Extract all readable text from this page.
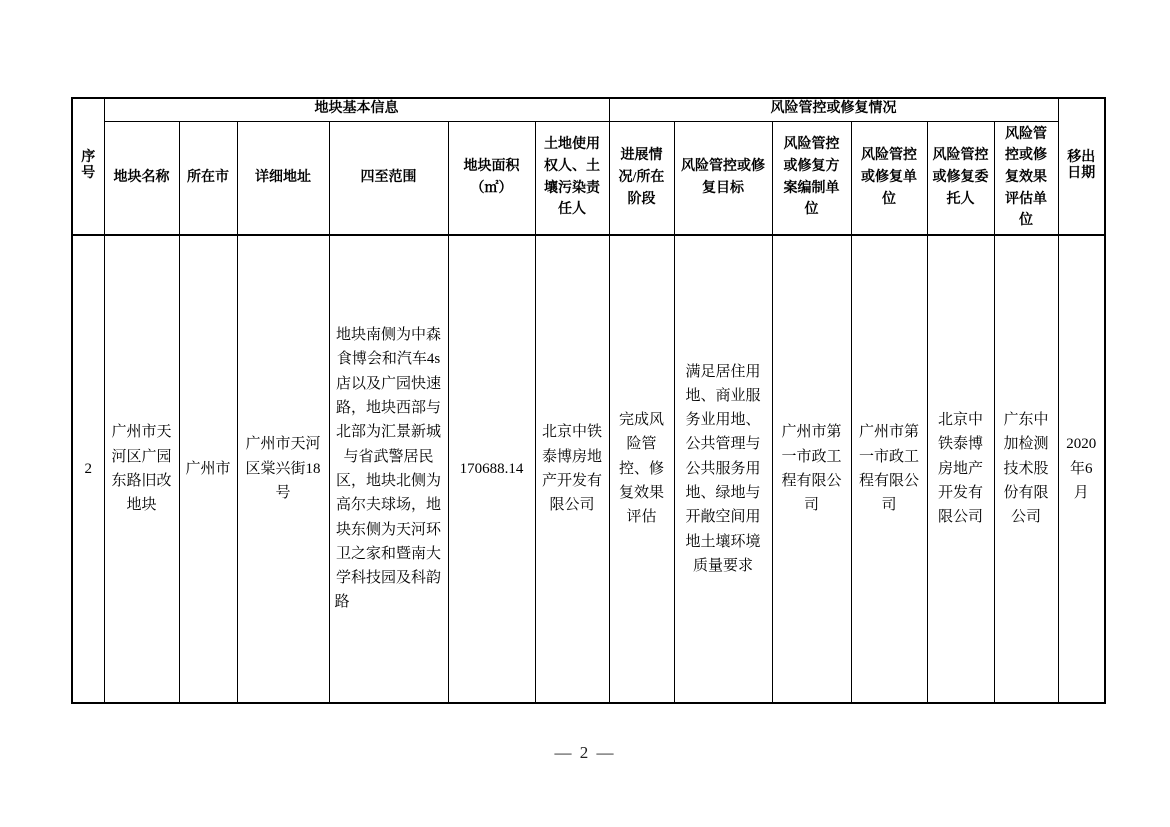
序号	地块基本信息						风险管控或修复情况						移出日期
	地块名称	所在市	详细地址	四至范围	地块面积（㎡）	土地使用权人、土壤污染责任人	进展情况/所在阶段	风险管控或修复目标	风险管控或修复方案编制单位	风险管控或修复单位	风险管控或修复委托人	风险管控或修复效果评估单位	
2	广州市天河区广园东路旧改地块	广州市	广州市天河区棠兴街18号	地块南侧为中森食博会和汽车4s店以及广园快速路，地块西部与北部为汇景新城与省武警居民区，地块北侧为高尔夫球场，地块东侧为天河环卫之家和暨南大学科技园及科韵路	170688.14	北京中铁泰博房地产开发有限公司	完成风险管控、修复效果评估	满足居住用地、商业服务业用地、公共管理与公共服务用地、绿地与开敞空间用地土壤环境质量要求	广州市第一市政工程有限公司	广州市第一市政工程有限公司	北京中铁泰博房地产开发有限公司	广东中加检测技术股份有限公司	2020年6月
— 2 —
